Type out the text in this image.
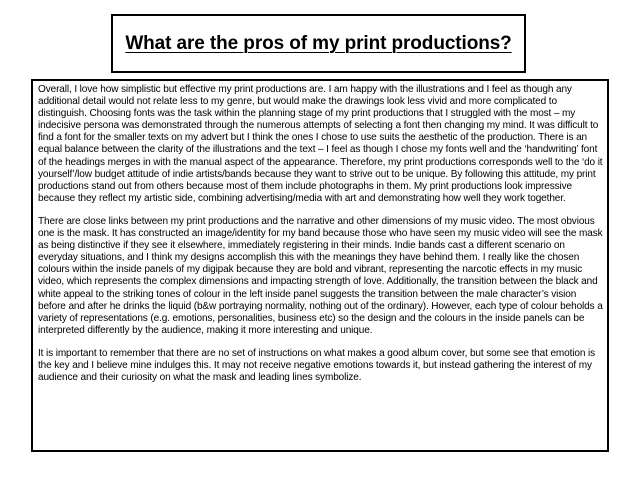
What are the pros of my print productions?

Overall, I love how simplistic but effective my print productions are. I am happy with the illustrations and I feel as though any additional detail would not relate less to my genre, but would make the drawings look less vivid and more complicated to distinguish. Choosing fonts was the task within the planning stage of my print productions that I struggled with the most – my indecisive persona was demonstrated through the numerous attempts of selecting a font then changing my mind. It was difficult to find a font for the smaller texts on my advert but I think the ones I chose to use suits the aesthetic of the production. There is an equal balance between the clarity of the illustrations and the text – I feel as though I chose my fonts well and the ‘handwriting’ font of the headings merges in with the manual aspect of the appearance. Therefore, my print productions corresponds well to the ‘do it yourself’/low budget attitude of indie artists/bands because they want to strive out to be unique. By following this attitude, my print productions stand out from others because most of them include photographs in them. My print productions look impressive because they reflect my artistic side, combining advertising/media with art and demonstrating how well they work together.

There are close links between my print productions and the narrative and other dimensions of my music video. The most obvious one is the mask. It has constructed an image/identity for my band because those who have seen my music video will see the mask as being distinctive if they see it elsewhere, immediately registering in their minds. Indie bands cast a different scenario on everyday situations, and I think my designs accomplish this with the meanings they have behind them. I really like the chosen colours within the inside panels of my digipak because they are bold and vibrant, representing the narcotic effects in my music video, which represents the complex dimensions and impacting strength of love. Additionally, the transition between the black and white appeal to the striking tones of colour in the left inside panel suggests the transition between the male character’s vision before and after he drinks the liquid (b&w portraying normality, nothing out of the ordinary). However, each type of colour beholds a variety of representations (e.g. emotions, personalities, business etc) so the design and the colours in the inside panels can be interpreted differently by the audience, making it more interesting and unique.

It is important to remember that there are no set of instructions on what makes a good album cover, but some see that emotion is the key and I believe mine indulges this. It may not receive negative emotions towards it, but instead gathering the interest of my audience and their curiosity on what the mask and leading lines symbolize.
